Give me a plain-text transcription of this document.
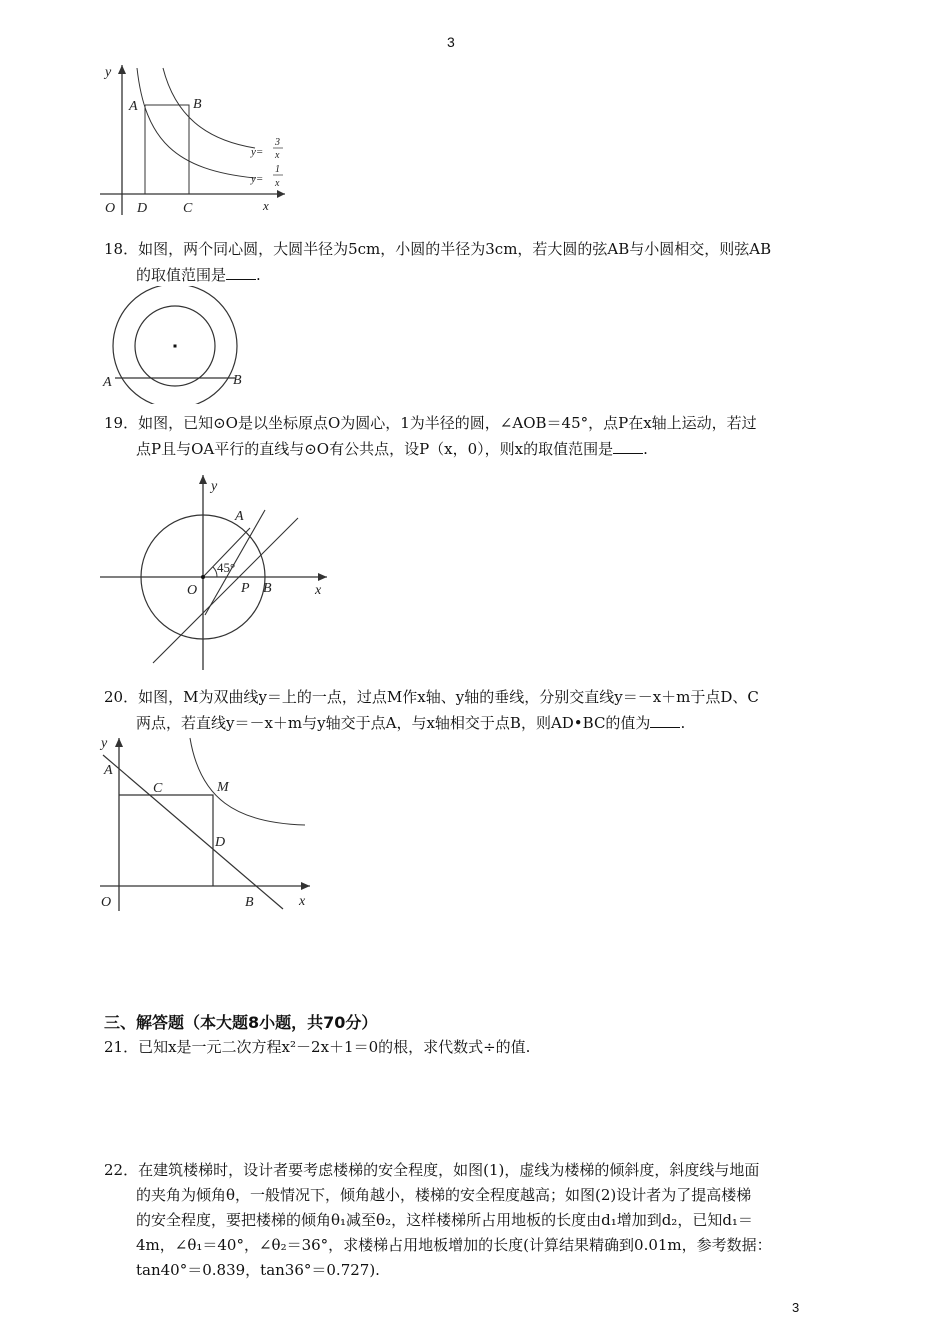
3
y
A	B
O D	C	x
y=
3
x
y=
1
x
18．如图，两个同心圆，大圆半径为5cm，小圆的半径为3cm，若大圆的弦AB与小圆相交，则弦AB
的取值范围是 .
A	B
19．如图，已知⊙O是以坐标原点O为圆心，1为半径的圆，∠AOB＝45°，点P在x轴上运动，若过
点P且与OA平行的直线与⊙O有公共点，设P（x，0），则x的取值范围是 .
y
A
45°
O	P B	x
20．如图，M为双曲线y＝上的一点，过点M作x轴、y轴的垂线，分别交直线y＝－x＋m于点D、C
两点，若直线y＝－x＋m与y轴交于点A，与x轴相交于点B，则AD•BC的值为 .
y
A
C	M
D
O	B	x
三、解答题（本大题8小题，共70分）
21．已知x是一元二次方程x²－2x＋1＝0的根，求代数式÷的值.
22．在建筑楼梯时，设计者要考虑楼梯的安全程度，如图(1)，虚线为楼梯的倾斜度，斜度线与地面
的夹角为倾角θ，一般情况下，倾角越小，楼梯的安全程度越高；如图(2)设计者为了提高楼梯
的安全程度，要把楼梯的倾角θ₁减至θ₂，这样楼梯所占用地板的长度由d₁增加到d₂，已知d₁＝
4m，∠θ₁＝40°，∠θ₂＝36°，求楼梯占用地板增加的长度(计算结果精确到0.01m，参考数据：
tan40°＝0.839，tan36°＝0.727).
3
